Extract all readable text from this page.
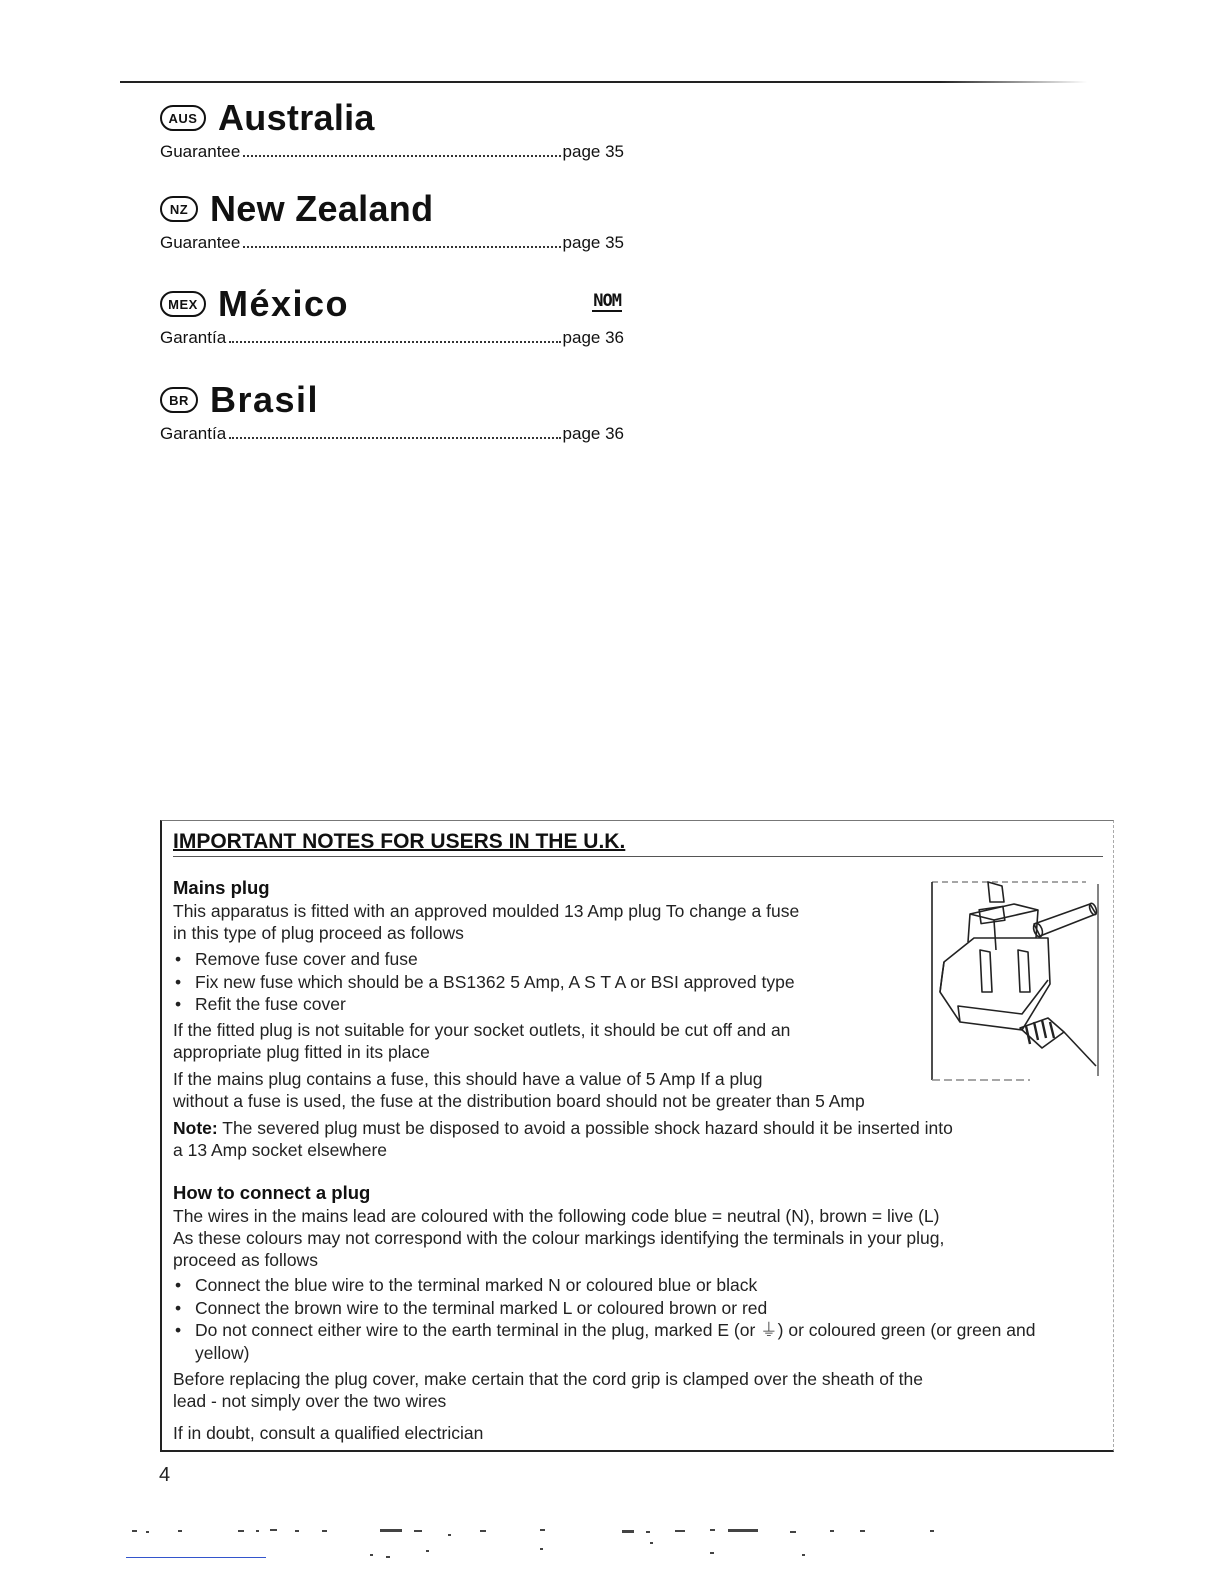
AUS Australia
Guarantee	page 35
NZ New Zealand
Guarantee	page 35
MEX México	NOM
Garantía	page 36
BR Brasil
Garantía	page 36
IMPORTANT NOTES FOR USERS IN THE U.K.
Mains plug
This apparatus is fitted with an approved moulded 13 Amp plug To change a fuse
in this type of plug proceed as follows
• Remove fuse cover and fuse
• Fix new fuse which should be a BS1362 5 Amp, A S T A or BSI approved type
• Refit the fuse cover
If the fitted plug is not suitable for your socket outlets, it should be cut off and an
appropriate plug fitted in its place
If the mains plug contains a fuse, this should have a value of 5 Amp If a plug
without a fuse is used, the fuse at the distribution board should not be greater than 5 Amp
Note: The severed plug must be disposed to avoid a possible shock hazard should it be inserted into
a 13 Amp socket elsewhere
How to connect a plug
The wires in the mains lead are coloured with the following code blue = neutral (N), brown = live (L)
As these colours may not correspond with the colour markings identifying the terminals in your plug,
proceed as follows
• Connect the blue wire to the terminal marked N or coloured blue or black
• Connect the brown wire to the terminal marked L or coloured brown or red
• Do not connect either wire to the earth terminal in the plug, marked E (or ⏚) or coloured green (or green and yellow)
Before replacing the plug cover, make certain that the cord grip is clamped over the sheath of the
lead - not simply over the two wires
If in doubt, consult a qualified electrician
4
